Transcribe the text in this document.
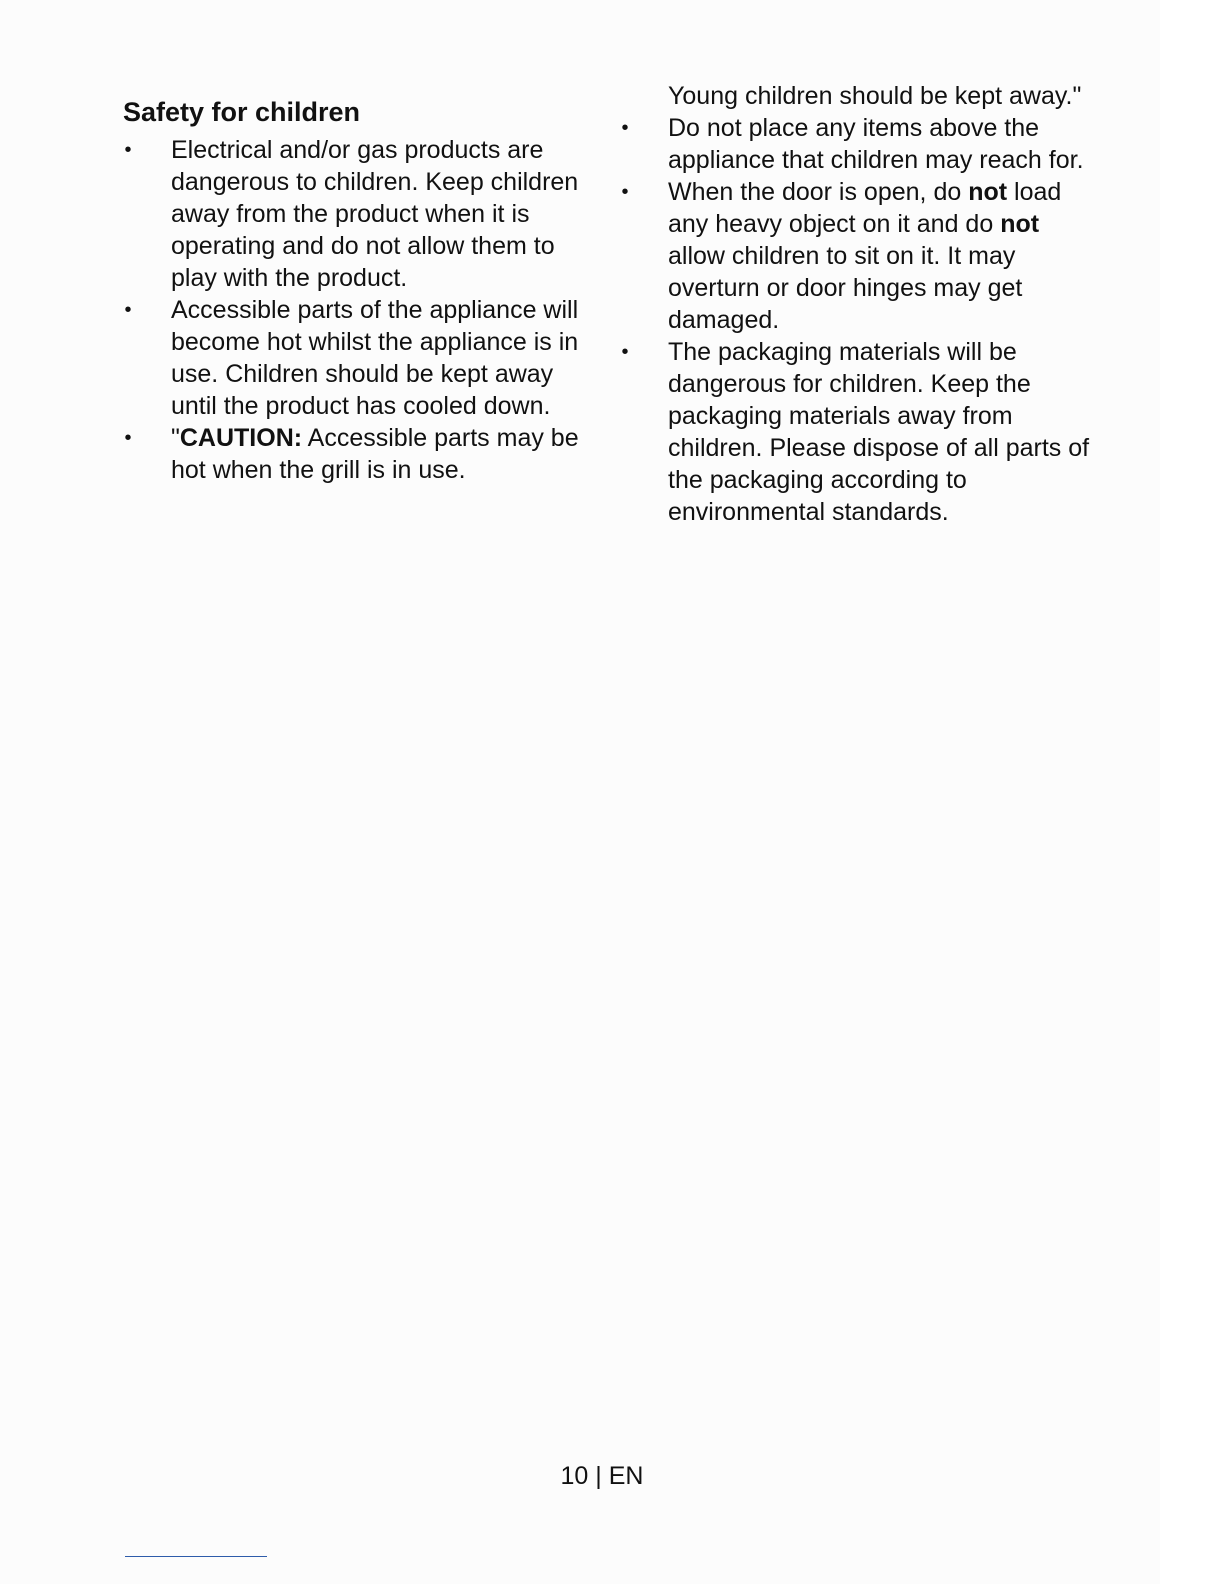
Safety for children
• Electrical and/or gas products are dangerous to children. Keep children away from the product when it is operating and do not allow them to play with the product.
• Accessible parts of the appliance will become hot whilst the appliance is in use. Children should be kept away until the product has cooled down.
• "CAUTION: Accessible parts may be hot when the grill is in use.
Young children should be kept away."
• Do not place any items above the appliance that children may reach for.
• When the door is open, do not load any heavy object on it and do not allow children to sit on it. It may overturn or door hinges may get damaged.
• The packaging materials will be dangerous for children. Keep the packaging materials away from children. Please dispose of all parts of the packaging according to environmental standards.
10 | EN
